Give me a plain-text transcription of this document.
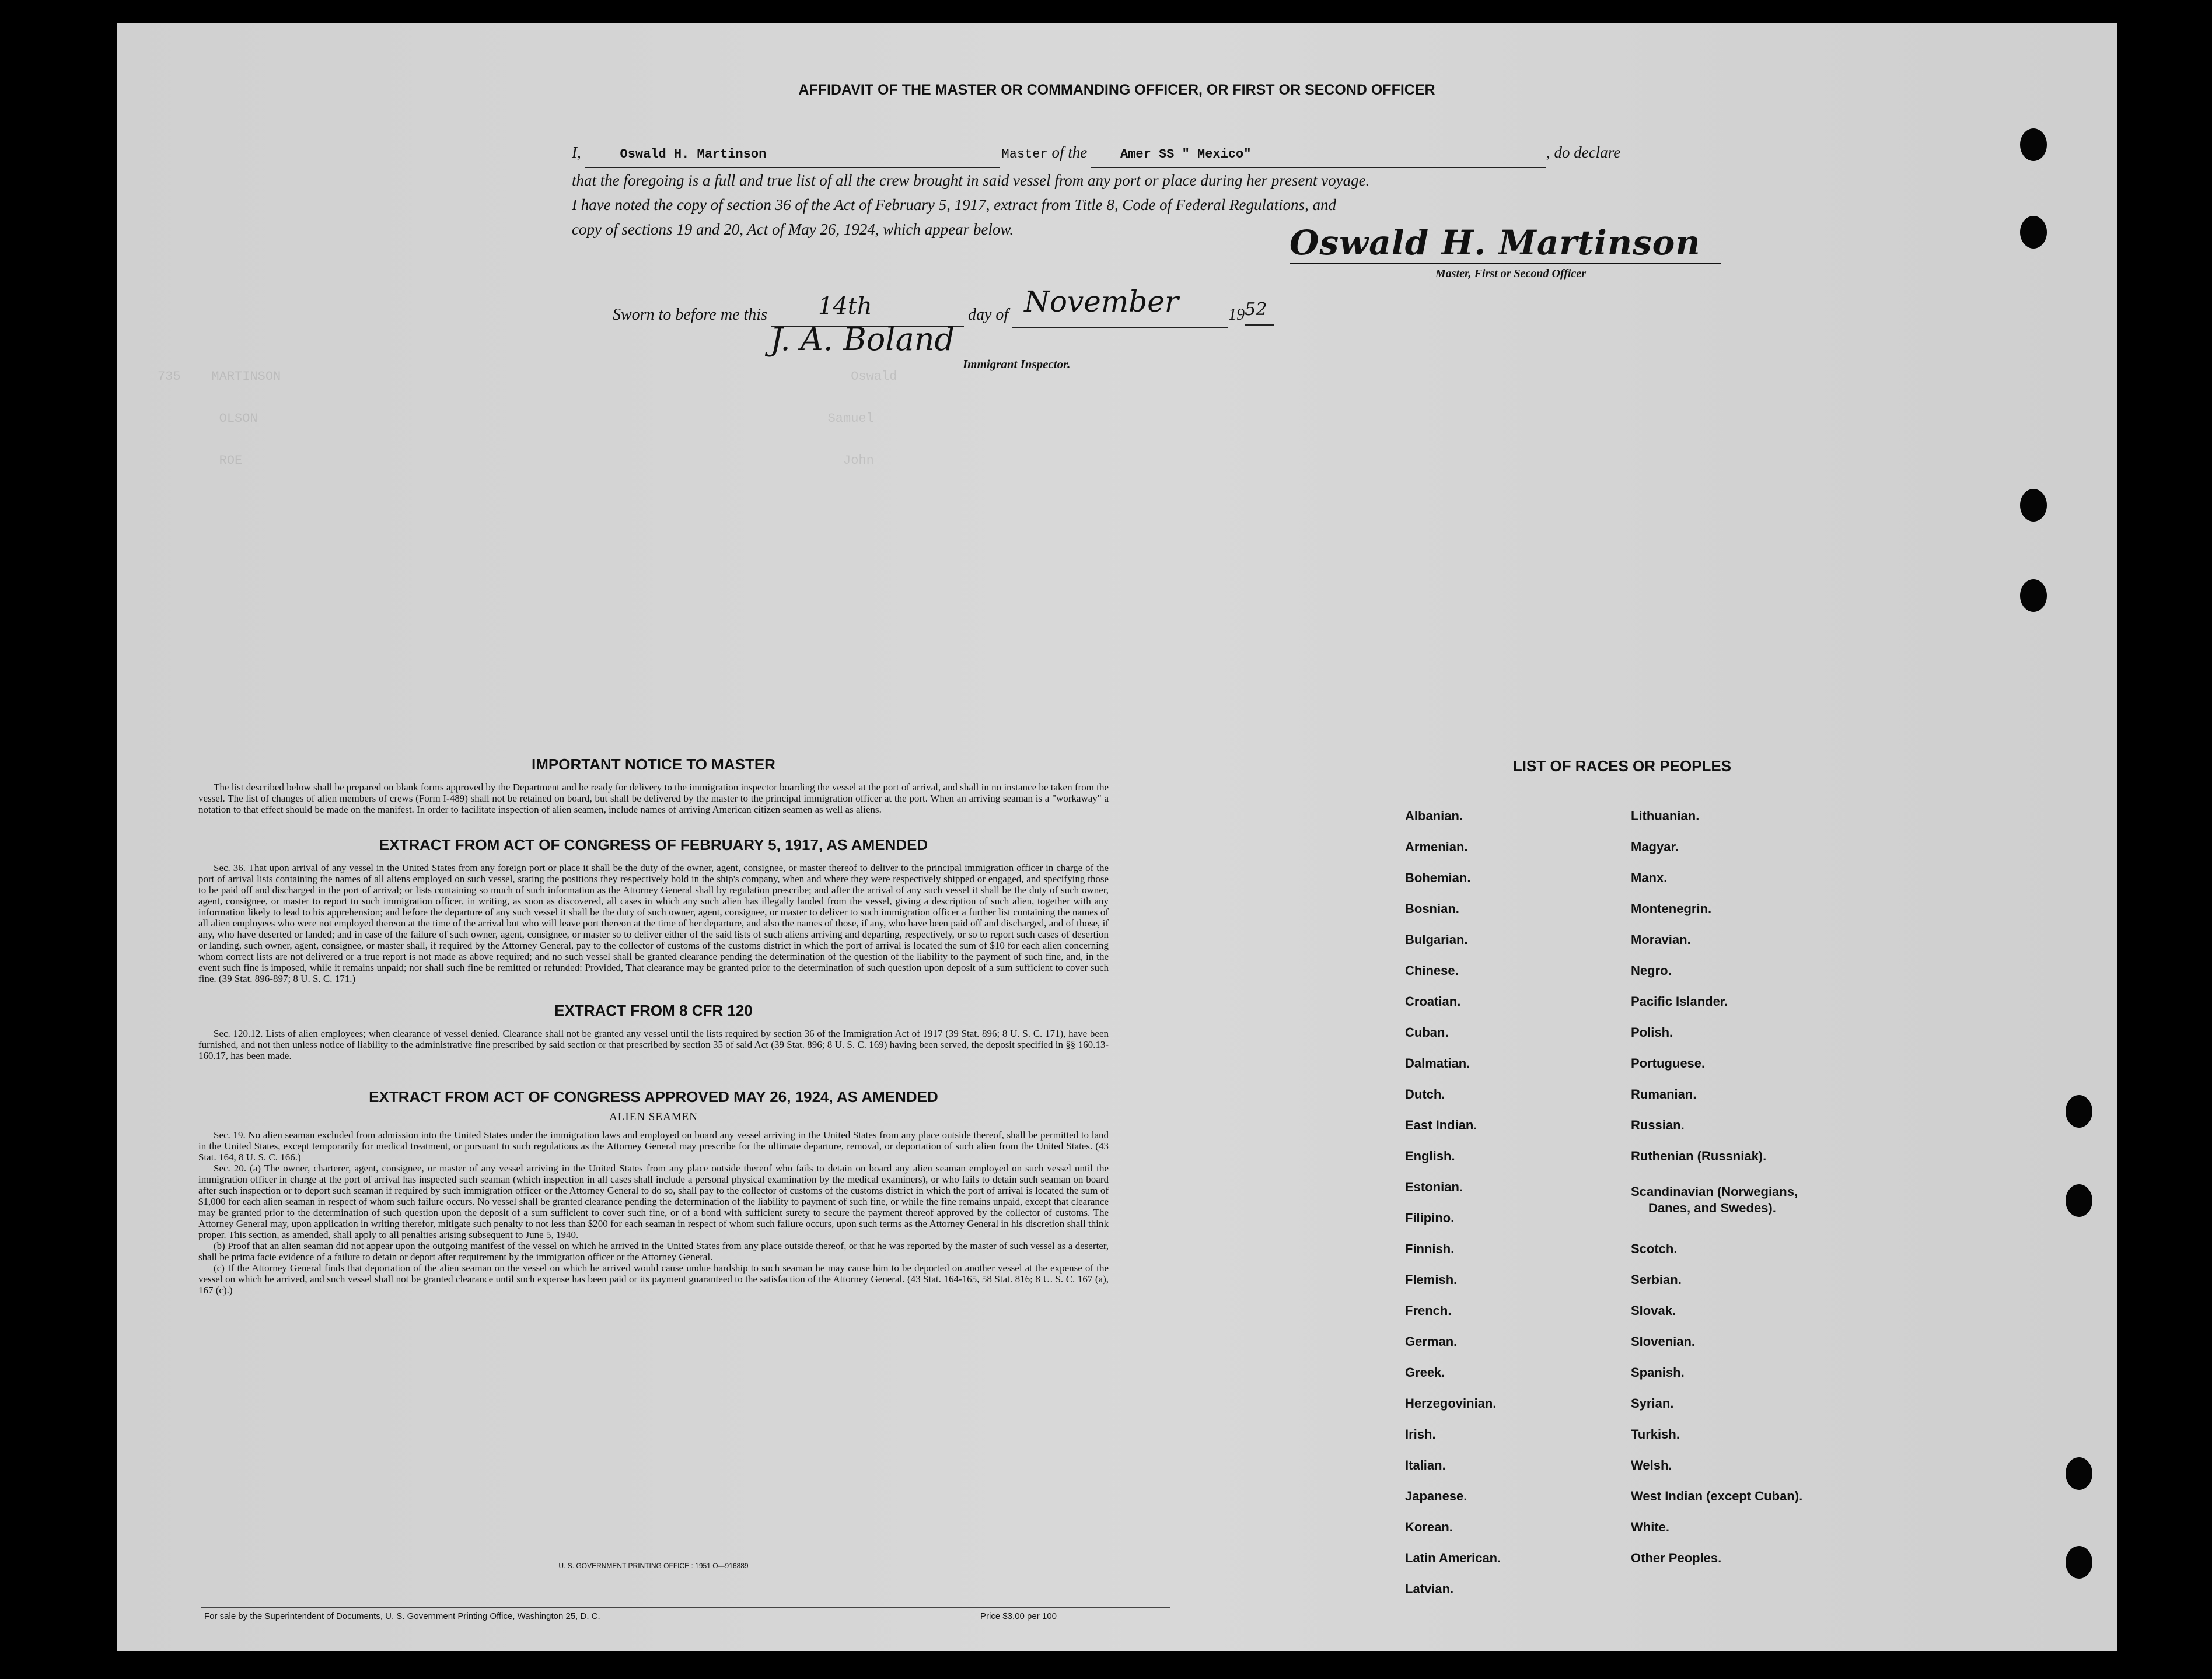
735    MARTINSON                                                                          Oswald
OLSON                                                                          Samuel
ROE                                                                              John
AFFIDAVIT OF THE MASTER OR COMMANDING OFFICER, OR FIRST OR SECOND OFFICER
I,	Oswald H. Martinson	Master of the	Amer SS " Mexico"	, do declare
that the foregoing is a full and true list of all the crew brought in said vessel from any port or place during her present voyage.
I have noted the copy of section 36 of the Act of February 5, 1917, extract from Title 8, Code of Federal Regulations, and
copy of sections 19 and 20, Act of May 26, 1924, which appear below.	Oswald H. Martinson
Master, First or Second Officer
Sworn to before me this 14th	day of November	1952
J. A. Boland
Immigrant Inspector.
IMPORTANT NOTICE TO MASTER
The list described below shall be prepared on blank forms approved by the Department and be ready for delivery to the immigration inspector boarding the vessel at the port of arrival, and shall in no instance be taken from the vessel. The list of changes of alien members of crews (Form I-489) shall not be retained on board, but shall be delivered by the master to the principal immigration officer at the port. When an arriving seaman is a "workaway" a notation to that effect should be made on the manifest. In order to facilitate inspection of alien seamen, include names of arriving American citizen seamen as well as aliens.
EXTRACT FROM ACT OF CONGRESS OF FEBRUARY 5, 1917, AS AMENDED
Sec. 36. That upon arrival of any vessel in the United States from any foreign port or place it shall be the duty of the owner, agent, consignee, or master thereof to deliver to the principal immigration officer in charge of the port of arrival lists containing the names of all aliens employed on such vessel, stating the positions they respectively hold in the ship's company, when and where they were respectively shipped or engaged, and specifying those to be paid off and discharged in the port of arrival; or lists containing so much of such information as the Attorney General shall by regulation prescribe; and after the arrival of any such vessel it shall be the duty of such owner, agent, consignee, or master to report to such immigration officer, in writing, as soon as discovered, all cases in which any such alien has illegally landed from the vessel, giving a description of such alien, together with any information likely to lead to his apprehension; and before the departure of any such vessel it shall be the duty of such owner, agent, consignee, or master to deliver to such immigration officer a further list containing the names of all alien employees who were not employed thereon at the time of the arrival but who will leave port thereon at the time of her departure, and also the names of those, if any, who have been paid off and discharged, and of those, if any, who have deserted or landed; and in case of the failure of such owner, agent, consignee, or master so to deliver either of the said lists of such aliens arriving and departing, respectively, or so to report such cases of desertion or landing, such owner, agent, consignee, or master shall, if required by the Attorney General, pay to the collector of customs of the customs district in which the port of arrival is located the sum of $10 for each alien concerning whom correct lists are not delivered or a true report is not made as above required; and no such vessel shall be granted clearance pending the determination of the question of the liability to the payment of such fine, and, in the event such fine is imposed, while it remains unpaid; nor shall such fine be remitted or refunded: Provided, That clearance may be granted prior to the determination of such question upon deposit of a sum sufficient to cover such fine. (39 Stat. 896-897; 8 U. S. C. 171.)
EXTRACT FROM 8 CFR 120
Sec. 120.12. Lists of alien employees; when clearance of vessel denied. Clearance shall not be granted any vessel until the lists required by section 36 of the Immigration Act of 1917 (39 Stat. 896; 8 U. S. C. 171), have been furnished, and not then unless notice of liability to the administrative fine prescribed by said section or that prescribed by section 35 of said Act (39 Stat. 896; 8 U. S. C. 169) having been served, the deposit specified in §§ 160.13-160.17, has been made.
EXTRACT FROM ACT OF CONGRESS APPROVED MAY 26, 1924, AS AMENDED
ALIEN SEAMEN
Sec. 19. No alien seaman excluded from admission into the United States under the immigration laws and employed on board any vessel arriving in the United States from any place outside thereof, shall be permitted to land in the United States, except temporarily for medical treatment, or pursuant to such regulations as the Attorney General may prescribe for the ultimate departure, removal, or deportation of such alien from the United States. (43 Stat. 164, 8 U. S. C. 166.)
Sec. 20. (a) The owner, charterer, agent, consignee, or master of any vessel arriving in the United States from any place outside thereof who fails to detain on board any alien seaman employed on such vessel until the immigration officer in charge at the port of arrival has inspected such seaman (which inspection in all cases shall include a personal physical examination by the medical examiners), or who fails to detain such seaman on board after such inspection or to deport such seaman if required by such immigration officer or the Attorney General to do so, shall pay to the collector of customs of the customs district in which the port of arrival is located the sum of $1,000 for each alien seaman in respect of whom such failure occurs. No vessel shall be granted clearance pending the determination of the liability to payment of such fine, or while the fine remains unpaid, except that clearance may be granted prior to the determination of such question upon the deposit of a sum sufficient to cover such fine, or of a bond with sufficient surety to secure the payment thereof approved by the collector of customs. The Attorney General may, upon application in writing therefor, mitigate such penalty to not less than $200 for each seaman in respect of whom such failure occurs, upon such terms as the Attorney General in his discretion shall think proper. This section, as amended, shall apply to all penalties arising subsequent to June 5, 1940.
(b) Proof that an alien seaman did not appear upon the outgoing manifest of the vessel on which he arrived in the United States from any place outside thereof, or that he was reported by the master of such vessel as a deserter, shall be prima facie evidence of a failure to detain or deport after requirement by the immigration officer or the Attorney General.
(c) If the Attorney General finds that deportation of the alien seaman on the vessel on which he arrived would cause undue hardship to such seaman he may cause him to be deported on another vessel at the expense of the vessel on which he arrived, and such vessel shall not be granted clearance until such expense has been paid or its payment guaranteed to the satisfaction of the Attorney General. (43 Stat. 164-165, 58 Stat. 816; 8 U. S. C. 167 (a), 167 (c).)
U. S. GOVERNMENT PRINTING OFFICE : 1951 O—916889
For sale by the Superintendent of Documents, U. S. Government Printing Office, Washington 25, D. C.	Price $3.00 per 100
LIST OF RACES OR PEOPLES
Albanian.
Armenian.
Bohemian.
Bosnian.
Bulgarian.
Chinese.
Croatian.
Cuban.
Dalmatian.
Dutch.
East Indian.
English.
Estonian.
Filipino.
Finnish.
Flemish.
French.
German.
Greek.
Herzegovinian.
Irish.
Italian.
Japanese.
Korean.
Latin American.
Latvian.
Lithuanian.
Magyar.
Manx.
Montenegrin.
Moravian.
Negro.
Pacific Islander.
Polish.
Portuguese.
Rumanian.
Russian.
Ruthenian (Russniak).
Scandinavian (Norwegians,
Danes, and Swedes).
Scotch.
Serbian.
Slovak.
Slovenian.
Spanish.
Syrian.
Turkish.
Welsh.
West Indian (except Cuban).
White.
Other Peoples.
